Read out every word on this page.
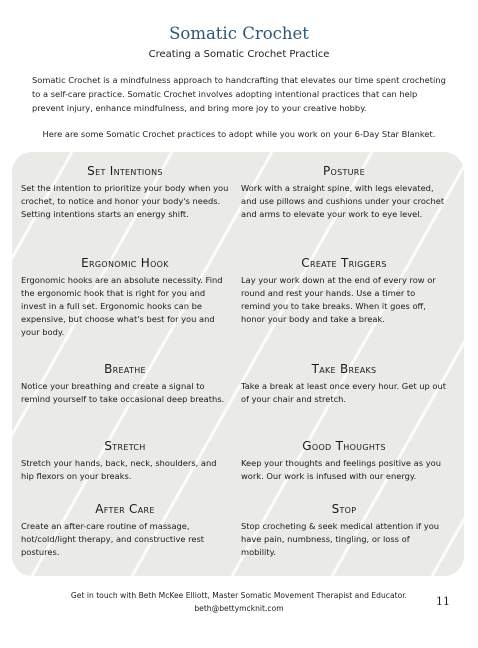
Somatic Crochet
Creating a Somatic Crochet Practice
Somatic Crochet is a mindfulness approach to handcrafting that elevates our time spent crocheting to a self-care practice. Somatic Crochet involves adopting intentional practices that can help prevent injury, enhance mindfulness, and bring more joy to your creative hobby.
Here are some Somatic Crochet practices to adopt while you work on your 6-Day Star Blanket.
Set Intentions

Set the intention to prioritize your body when you crochet, to notice and honor your body's needs. Setting intentions starts an energy shift.

Posture

Work with a straight spine, with legs elevated, and use pillows and cushions under your crochet and arms to elevate your work to eye level.

Ergonomic Hook

Ergonomic hooks are an absolute necessity. Find the ergonomic hook that is right for you and invest in a full set. Ergonomic hooks can be expensive, but choose what's best for you and your body.

Create Triggers

Lay your work down at the end of every row or round and rest your hands. Use a timer to remind you to take breaks. When it goes off, honor your body and take a break.

Breathe

Notice your breathing and create a signal to remind yourself to take occasional deep breaths.

Take Breaks

Take a break at least once every hour. Get up out of your chair and stretch.

Stretch

Stretch your hands, back, neck, shoulders, and hip flexors on your breaks.

Good Thoughts

Keep your thoughts and feelings positive as you work. Our work is infused with our energy.

After Care

Create an after-care routine of massage, hot/cold/light therapy, and constructive rest postures.

Stop

Stop crocheting & seek medical attention if you have pain, numbness, tingling, or loss of mobility.

Get in touch with Beth McKee Elliott, Master Somatic Movement Therapist and Educator.
beth@bettymcknit.com
11
